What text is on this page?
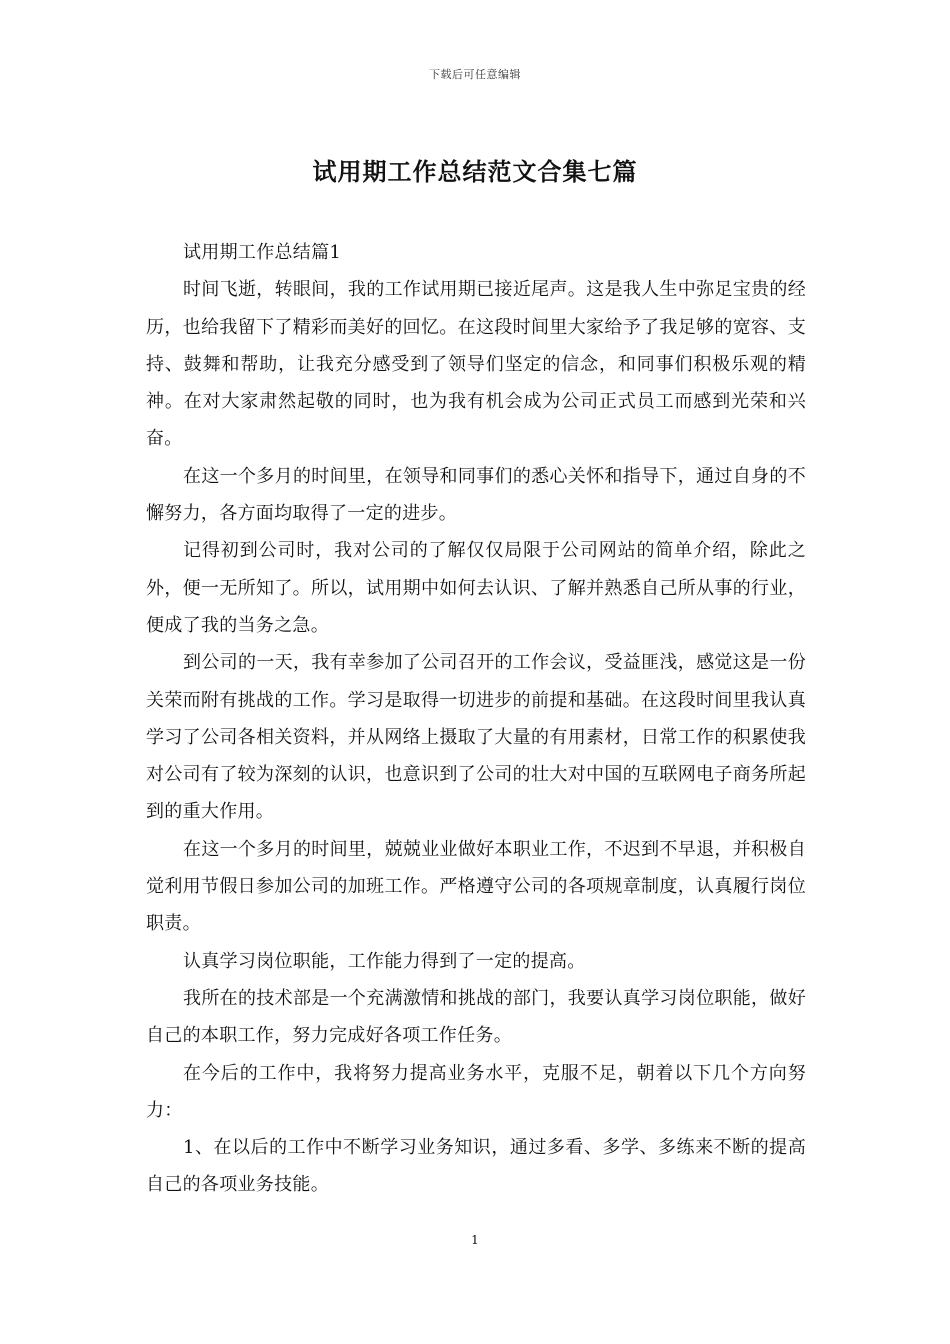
下载后可任意编辑
试用期工作总结范文合集七篇

试用期工作总结篇1

时间飞逝，转眼间，我的工作试用期已接近尾声。这是我人生中弥足宝贵的经历，也给我留下了精彩而美好的回忆。在这段时间里大家给予了我足够的宽容、支持、鼓舞和帮助，让我充分感受到了领导们坚定的信念，和同事们积极乐观的精神。在对大家肃然起敬的同时，也为我有机会成为公司正式员工而感到光荣和兴奋。

在这一个多月的时间里，在领导和同事们的悉心关怀和指导下，通过自身的不懈努力，各方面均取得了一定的进步。

记得初到公司时，我对公司的了解仅仅局限于公司网站的简单介绍，除此之外，便一无所知了。所以，试用期中如何去认识、了解并熟悉自己所从事的行业，便成了我的当务之急。

到公司的一天，我有幸参加了公司召开的工作会议，受益匪浅，感觉这是一份关荣而附有挑战的工作。学习是取得一切进步的前提和基础。在这段时间里我认真学习了公司各相关资料，并从网络上摄取了大量的有用素材，日常工作的积累使我对公司有了较为深刻的认识，也意识到了公司的壮大对中国的互联网电子商务所起到的重大作用。

在这一个多月的时间里，兢兢业业做好本职业工作，不迟到不早退，并积极自觉利用节假日参加公司的加班工作。严格遵守公司的各项规章制度，认真履行岗位职责。

认真学习岗位职能，工作能力得到了一定的提高。

我所在的技术部是一个充满激情和挑战的部门，我要认真学习岗位职能，做好自己的本职工作，努力完成好各项工作任务。

在今后的工作中，我将努力提高业务水平，克服不足，朝着以下几个方向努力：

1、在以后的工作中不断学习业务知识，通过多看、多学、多练来不断的提高自己的各项业务技能。

1
